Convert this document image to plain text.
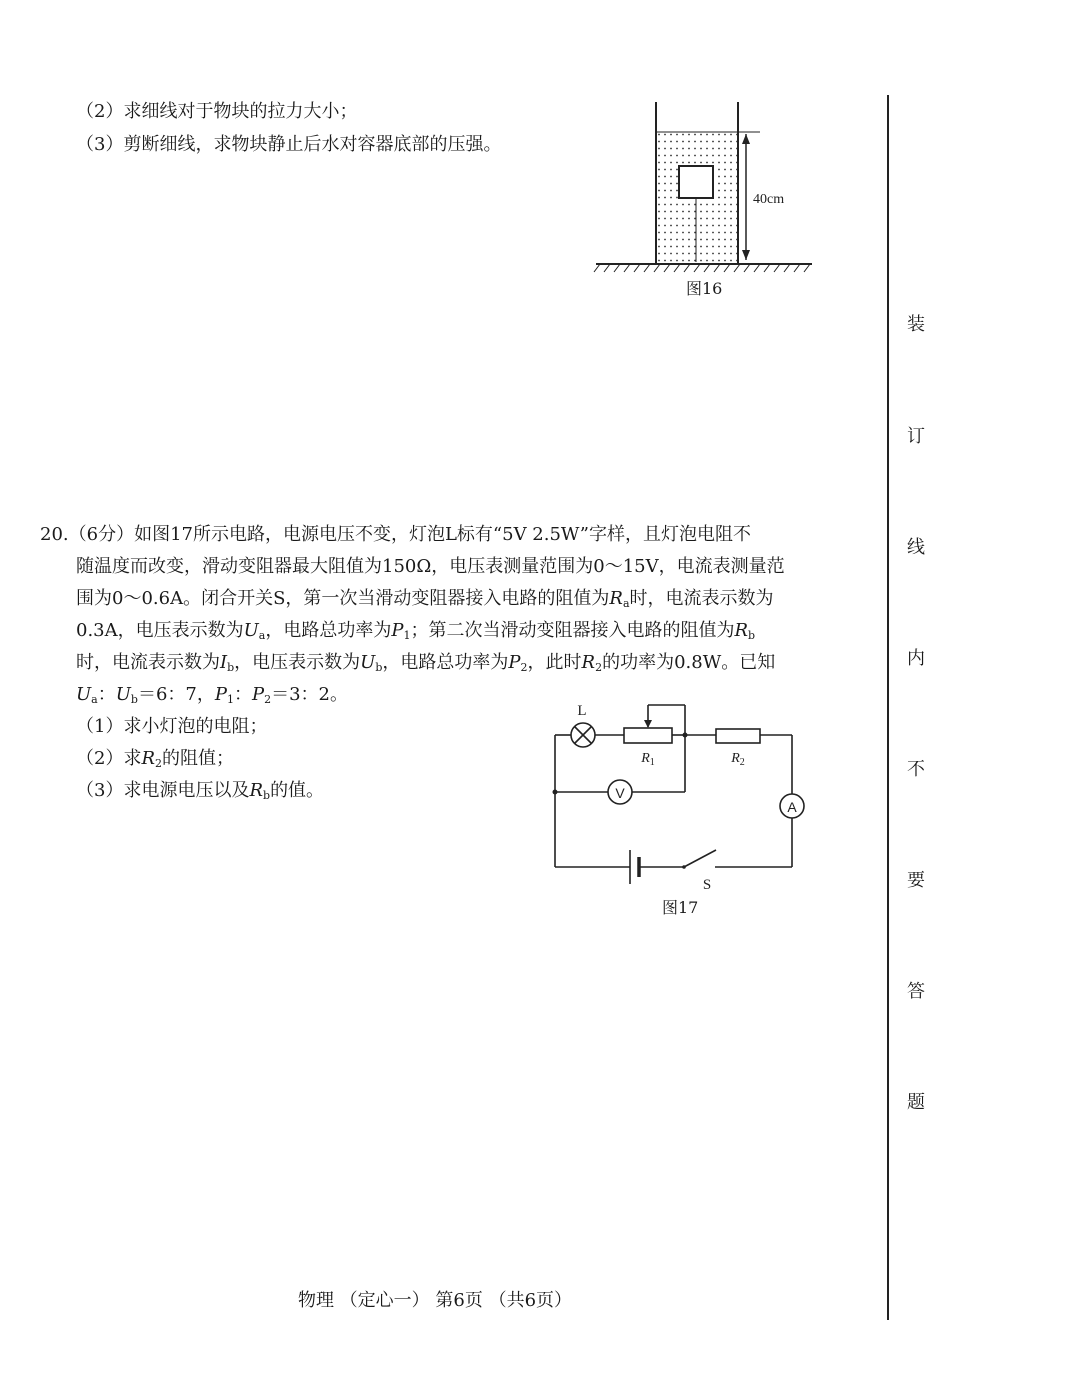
（2）求细线对于物块的拉力大小；
（3）剪断细线，求物块静止后水对容器底部的压强。
40cm
图16

20.（6分）如图17所示电路，电源电压不变，灯泡L标有“5V 2.5W”字样，且灯泡电阻不

随温度而改变，滑动变阻器最大阻值为150Ω，电压表测量范围为0～15V，电流表测量范

围为0～0.6A。闭合开关S，第一次当滑动变阻器接入电路的阻值为$R_a$时，电流表示数为

0.3A，电压表示数为$U_a$，电路总功率为$P_1$；第二次当滑动变阻器接入电路的阻值为$R_b$

时，电流表示数为$I_b$，电压表示数为$U_b$，电路总功率为$P_2$，此时$R_2$的功率为0.8W。已知

$U_a$：$U_b=6$：7，$P_1$：$P_2=3$：2。

（1）求小灯泡的电阻；

（2）求$R_2$的阻值；

（3）求电源电压以及$R_b$的值。

L
$R_1$	$R_2$
V
A
S
图17
装
订
线
内
不
要
答
题
物理 （定心一） 第6页 （共6页）
